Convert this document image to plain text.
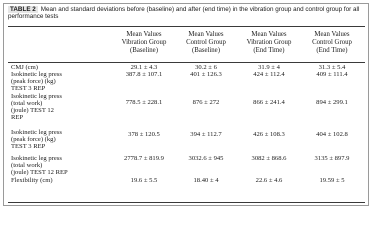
TABLE 2 Mean and standard deviations before (baseline) and after (end time) in the vibration group and control group for all performance tests
Mean Values
Vibration Group
(Baseline)
Mean Values
Control Group
(Baseline)
Mean Values
Vibration Group
(End Time)
Mean Values
Control Group
(End Time)
CMJ (cm)	29.1 ± 4.3	30.2 ± 6	31.9 ± 4	31.3 ± 5.4
Isokinetic leg press
(peak force) (kg)
TEST 3 REP
387.8 ± 107.1	401 ± 126.3	424 ± 112.4	409 ± 111.4
Isokinetic leg press
(total work)
(joule) TEST 12
REP
778.5 ± 228.1	876 ± 272	866 ± 241.4	894 ± 299.1
Isokinetic leg press
(peak force) (kg)
TEST 3 REP
378 ± 120.5	394 ± 112.7	426 ± 108.3	404 ± 102.8
Isokinetic leg press
(total work)
(joule) TEST 12 REP
2778.7 ± 819.9	3032.6 ± 945	3082 ± 868.6	3135 ± 897.9
Flexibility (cm)	19.6 ± 5.5	18.40 ± 4	22.6 ± 4.6	19.59 ± 5
